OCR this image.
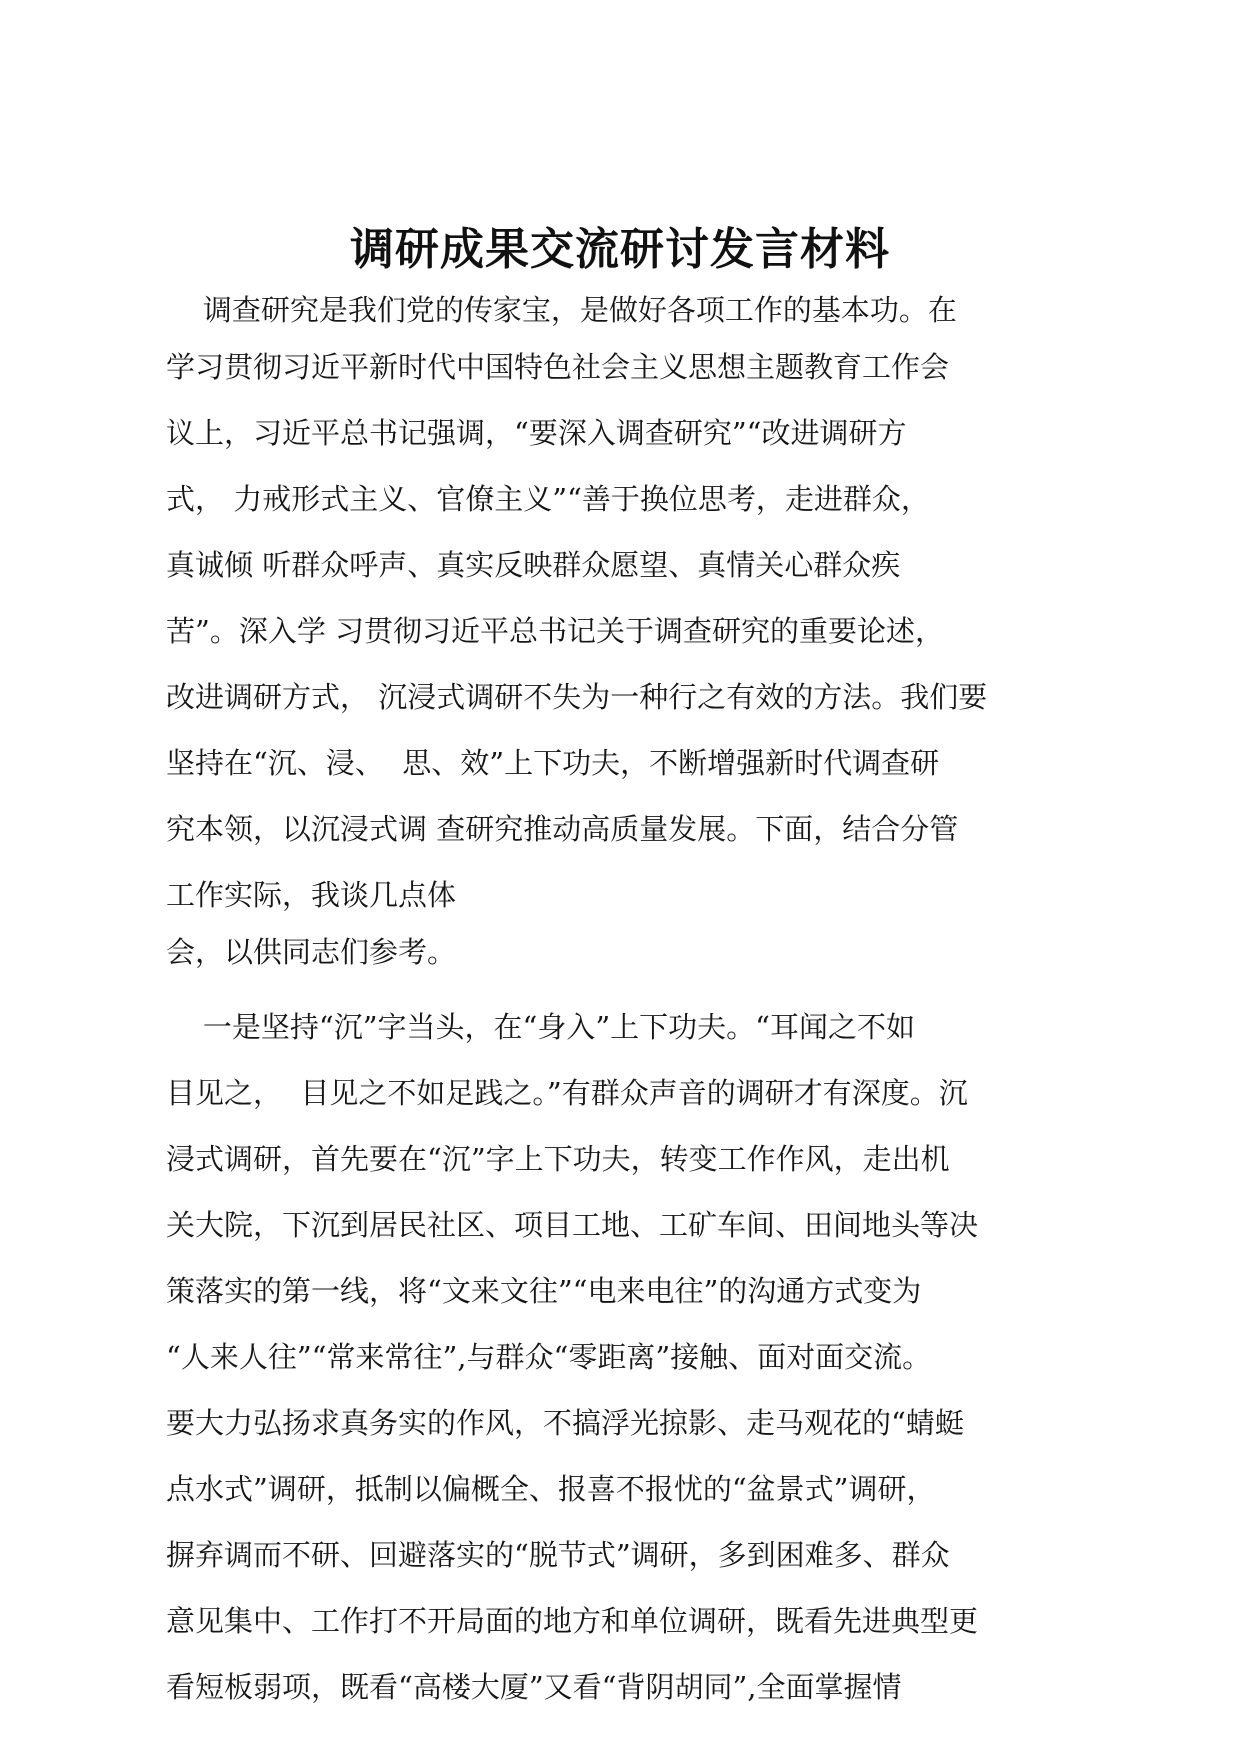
调研成果交流研讨发言材料

调查研究是我们党的传家宝，是做好各项工作的基本功。在
学习贯彻习近平新时代中国特色社会主义思想主题教育工作会
议上，习近平总书记强调，“要深入调查研究”“改进调研方
式， 力戒形式主义、官僚主义”“善于换位思考，走进群众，
真诚倾 听群众呼声、真实反映群众愿望、真情关心群众疾
苦”。深入学 习贯彻习近平总书记关于调查研究的重要论述，
改进调研方式， 沉浸式调研不失为一种行之有效的方法。我们要
坚持在“沉、浸、  思、效”上下功夫，不断增强新时代调查研
究本领，以沉浸式调 查研究推动高质量发展。下面，结合分管
工作实际，我谈几点体
会，以供同志们参考。

一是坚持“沉”字当头，在“身入”上下功夫。“耳闻之不如
目见之，  目见之不如足践之。”有群众声音的调研才有深度。沉
浸式调研，首先要在“沉”字上下功夫，转变工作作风，走出机
关大院，下沉到居民社区、项目工地、工矿车间、田间地头等决
策落实的第一线，将“文来文往”“电来电往”的沟通方式变为
“人来人往”“常来常往”,与群众“零距离”接触、面对面交流。
要大力弘扬求真务实的作风，不搞浮光掠影、走马观花的“蜻蜓
点水式”调研，抵制以偏概全、报喜不报忧的“盆景式”调研，
摒弃调而不研、回避落实的“脱节式”调研，多到困难多、群众
意见集中、工作打不开局面的地方和单位调研，既看先进典型更
看短板弱项，既看“高楼大厦”又看“背阴胡同”,全面掌握情
